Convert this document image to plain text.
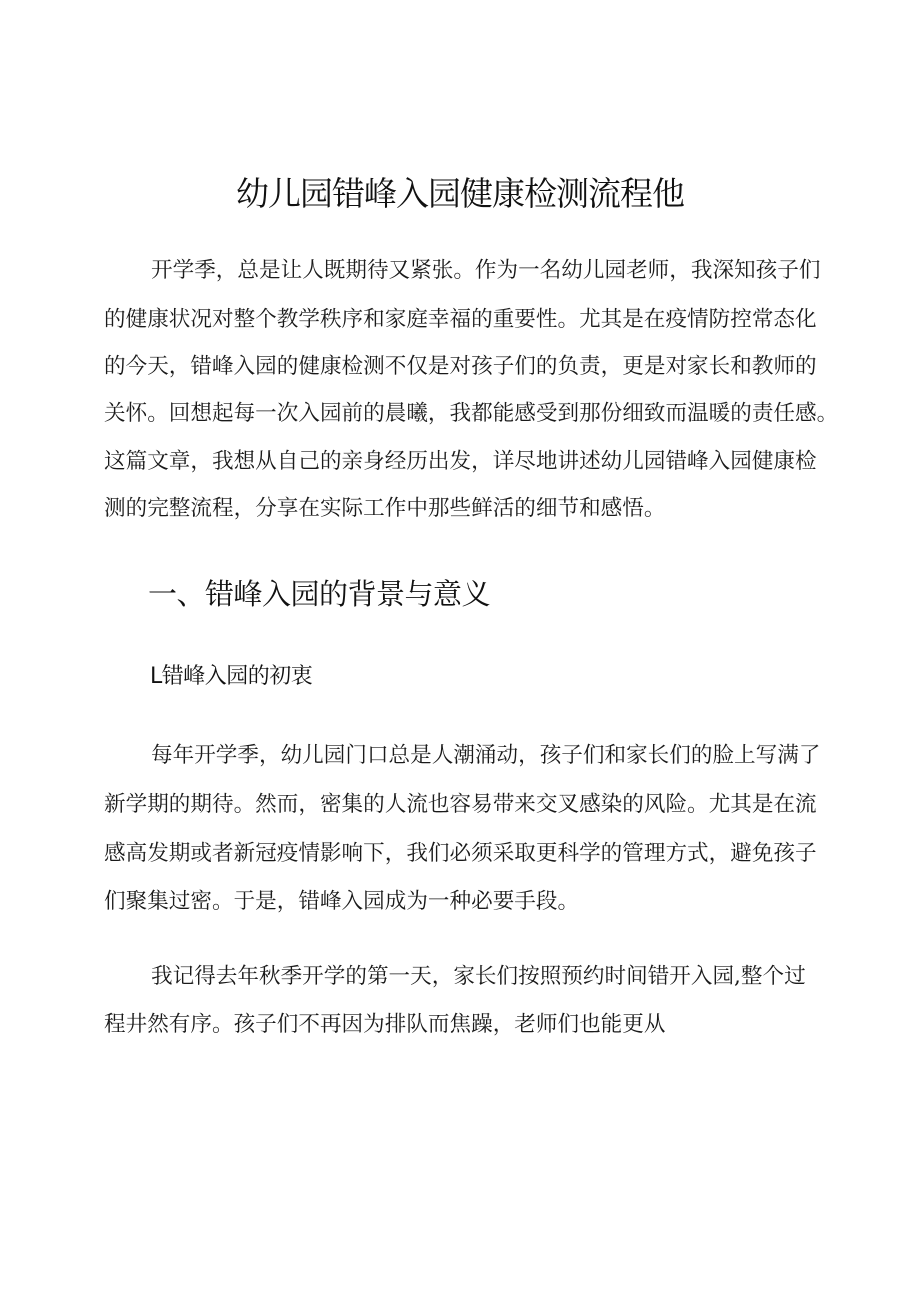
幼儿园错峰入园健康检测流程他
开学季，总是让人既期待又紧张。作为一名幼儿园老师，我深知孩子们
的健康状况对整个教学秩序和家庭幸福的重要性。尤其是在疫情防控常态化
的今天，错峰入园的健康检测不仅是对孩子们的负责，更是对家长和教师的
关怀。回想起每一次入园前的晨曦，我都能感受到那份细致而温暖的责任感。
这篇文章，我想从自己的亲身经历出发，详尽地讲述幼儿园错峰入园健康检
测的完整流程，分享在实际工作中那些鲜活的细节和感悟。
一、错峰入园的背景与意义
L错峰入园的初衷
每年开学季，幼儿园门口总是人潮涌动，孩子们和家长们的脸上写满了
新学期的期待。然而，密集的人流也容易带来交叉感染的风险。尤其是在流
感高发期或者新冠疫情影响下，我们必须采取更科学的管理方式，避免孩子
们聚集过密。于是，错峰入园成为一种必要手段。
我记得去年秋季开学的第一天，家长们按照预约时间错开入园,整个过
程井然有序。孩子们不再因为排队而焦躁，老师们也能更从
